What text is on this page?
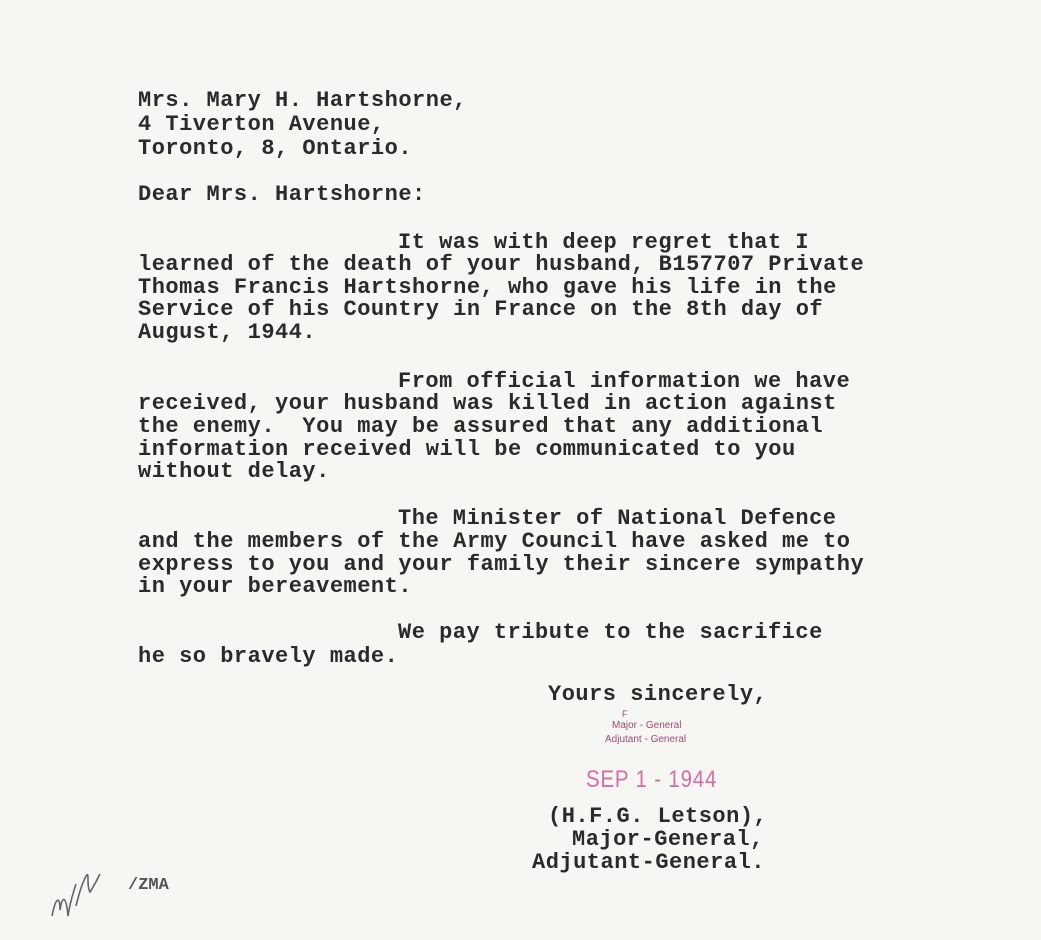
Mrs. Mary H. Hartshorne,
4 Tiverton Avenue,
Toronto, 8, Ontario.
Dear Mrs. Hartshorne:
It was with deep regret that I
learned of the death of your husband, B157707 Private
Thomas Francis Hartshorne, who gave his life in the
Service of his Country in France on the 8th day of
August, 1944.
From official information we have
received, your husband was killed in action against
the enemy.  You may be assured that any additional
information received will be communicated to you
without delay.
The Minister of National Defence
and the members of the Army Council have asked me to
express to you and your family their sincere sympathy
in your bereavement.
We pay tribute to the sacrifice
he so bravely made.
Yours sincerely,
F
Major - General
Adjutant - General
SEP 1 - 1944
(H.F.G. Letson),
Major-General,
Adjutant-General.
/ZMA
